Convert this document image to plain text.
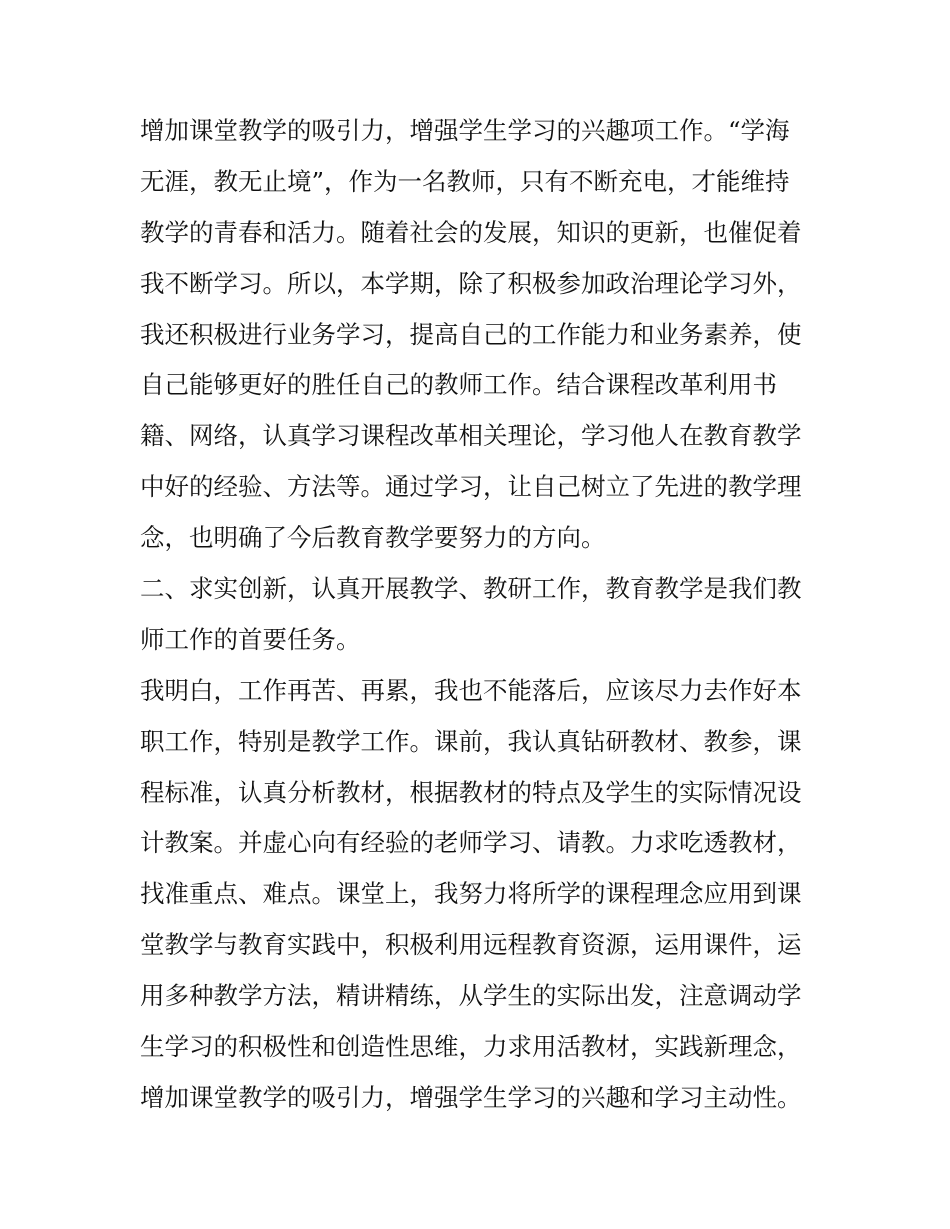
增加课堂教学的吸引力，增强学生学习的兴趣项工作。“学海
无涯，教无止境”，作为一名教师，只有不断充电，才能维持
教学的青春和活力。随着社会的发展，知识的更新，也催促着
我不断学习。所以，本学期，除了积极参加政治理论学习外，
我还积极进行业务学习，提高自己的工作能力和业务素养，使
自己能够更好的胜任自己的教师工作。结合课程改革利用书
籍、网络，认真学习课程改革相关理论，学习他人在教育教学
中好的经验、方法等。通过学习，让自己树立了先进的教学理
念，也明确了今后教育教学要努力的方向。
二、求实创新，认真开展教学、教研工作，教育教学是我们教
师工作的首要任务。
我明白，工作再苦、再累，我也不能落后，应该尽力去作好本
职工作，特别是教学工作。课前，我认真钻研教材、教参，课
程标准，认真分析教材，根据教材的特点及学生的实际情况设
计教案。并虚心向有经验的老师学习、请教。力求吃透教材，
找准重点、难点。课堂上，我努力将所学的课程理念应用到课
堂教学与教育实践中，积极利用远程教育资源，运用课件，运
用多种教学方法，精讲精练，从学生的实际出发，注意调动学
生学习的积极性和创造性思维，力求用活教材，实践新理念，
增加课堂教学的吸引力，增强学生学习的兴趣和学习主动性。
